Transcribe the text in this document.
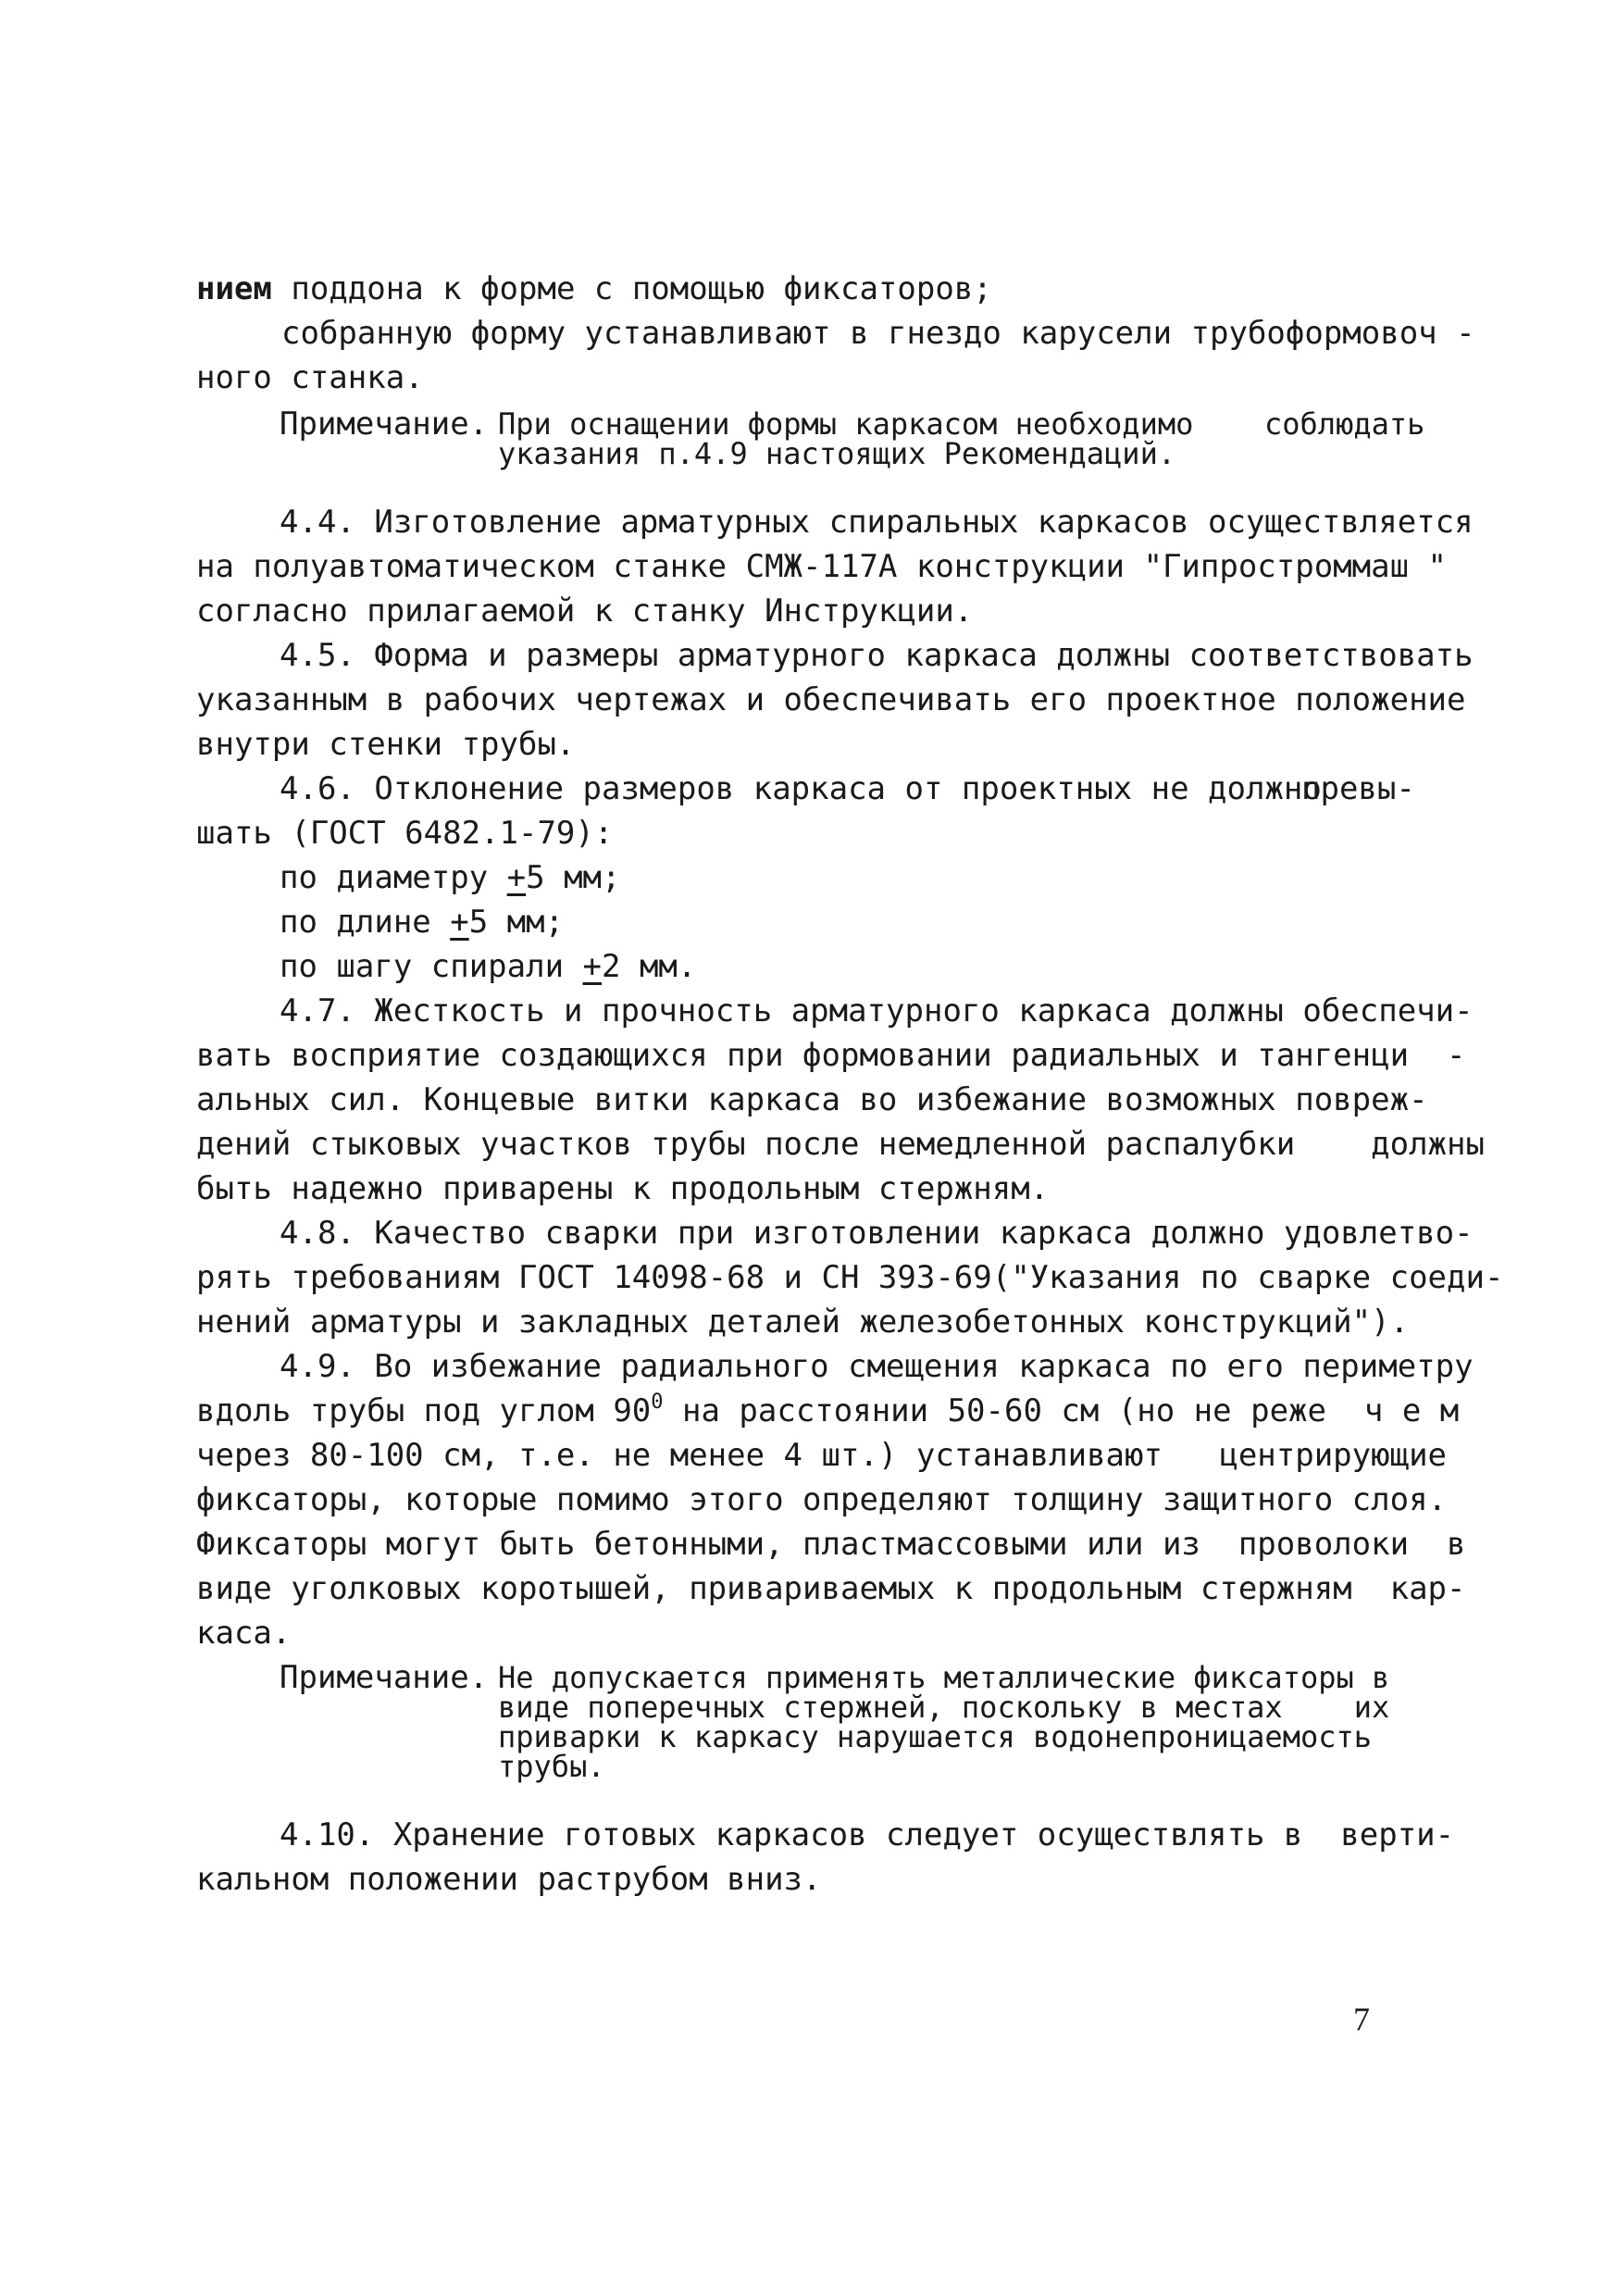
нием поддона к форме с помощью фиксаторов;
собранную форму устанавливают в гнездо карусели трубоформовоч -
ного станка.
Примечание. При оснащении формы каркасом необходимо соблюдать
указания п.4.9 настоящих Рекомендаций.
4.4. Изготовление арматурных спиральных каркасов осуществляется
на полуавтоматическом станке СМЖ-117А конструкции "Гипростроммаш "
согласно прилагаемой к станку Инструкции.
4.5. Форма и размеры арматурного каркаса должны соответствовать
указанным в рабочих чертежах и обеспечивать его проектное положение
внутри стенки трубы.
4.6. Отклонение размеров каркаса от проектных не должно
превы-
шать (ГОСТ 6482.1-79):
по диаметру +5 мм;
по длине +5 мм;
по шагу спирали +2 мм.
4.7. Жесткость и прочность арматурного каркаса должны обеспечи-
вать восприятие создающихся при формовании радиальных и тангенци  -
альных сил. Концевые витки каркаса во избежание возможных повреж-
дений стыковых участков трубы после немедленной распалубки    должны
быть надежно приварены к продольным стержням.
4.8. Качество сварки при изготовлении каркаса должно удовлетво-
рять требованиям ГОСТ 14098-68 и СН 393-69("Указания по сварке соеди-
нений арматуры и закладных деталей железобетонных конструкций").
4.9. Во избежание радиального смещения каркаса по его периметру
вдоль трубы под углом $90^0$ на расстоянии 50-60 см (но не реже  ч е м
через 80-100 см, т.е. не менее 4 шт.) устанавливают   центрирующие
фиксаторы, которые помимо этого определяют толщину защитного слоя.
Фиксаторы могут быть бетонными, пластмассовыми или из  проволоки  в
виде уголковых коротышей, привариваемых к продольным стержням  кар-
каса.
Примечание. Не допускается применять металлические фиксаторы в
виде поперечных стержней, поскольку в местах    их
приварки к каркасу нарушается водонепроницаемость
трубы.
4.10. Хранение готовых каркасов следует осуществлять в  верти-
кальном положении раструбом вниз.
7
